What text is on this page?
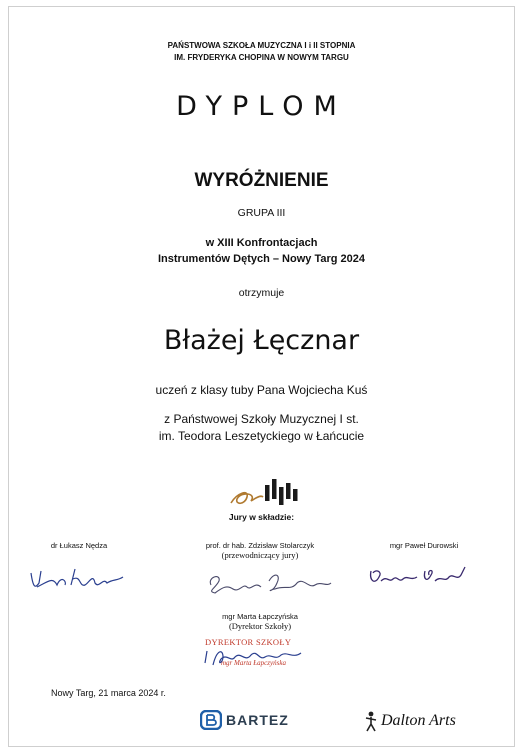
PAŃSTWOWA SZKOŁA MUZYCZNA I i II STOPNIA
IM. FRYDERYKA CHOPINA W NOWYM TARGU
DYPLOM
WYRÓŻNIENIE
GRUPA III
w XIII Konfrontacjach
Instrumentów Dętych – Nowy Targ 2024
otrzymuje
Błażej Łęcznar
uczeń z klasy tuby Pana Wojciecha Kuś
z Państwowej Szkoły Muzycznej I st.
im. Teodora Leszetyckiego w Łańcucie
Jury w składzie:
dr Łukasz Nędza	prof. dr hab. Zdzisław Stolarczyk
(przewodniczący jury)
mgr Paweł Durowski
mgr Marta Łapczyńska
(Dyrektor Szkoły)
DYREKTOR SZKOŁY
mgr Marta Łapczyńska
Nowy Targ, 21 marca 2024 r.
BARTEZ	Dalton Arts
